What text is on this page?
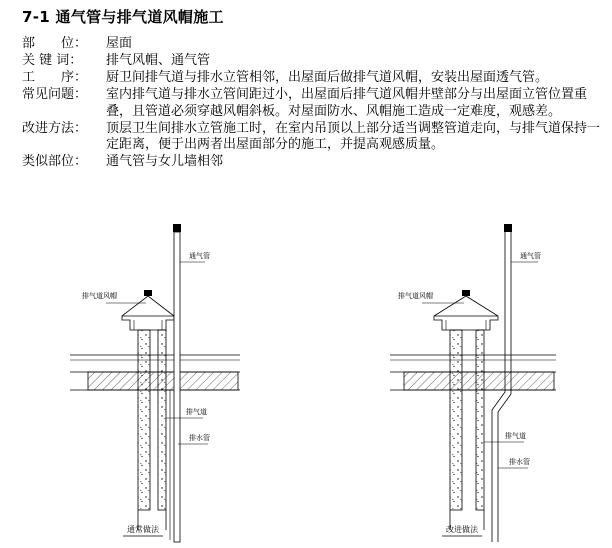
7-1 通气管与排气道风帽施工
部　　位：	屋面
关 键 词：	排气风帽、通气管
工　　序：	厨卫间排气道与排水立管相邻，出屋面后做排气道风帽，安装出屋面透气管。
常见问题：	室内排气道与排水立管间距过小，出屋面后排气道风帽井壁部分与出屋面立管位置重叠，且管道必须穿越风帽斜板。对屋面防水、风帽施工造成一定难度，观感差。
改进方法：	顶层卫生间排水立管施工时，在室内吊顶以上部分适当调整管道走向，与排气道保持一定距离，便于出两者出屋面部分的施工，并提高观感质量。
类似部位：	通气管与女儿墙相邻
通气管
排气道风帽
排气道
排水管
通常做法
通气管
排气道风帽
排气道
排水管
改进做法
